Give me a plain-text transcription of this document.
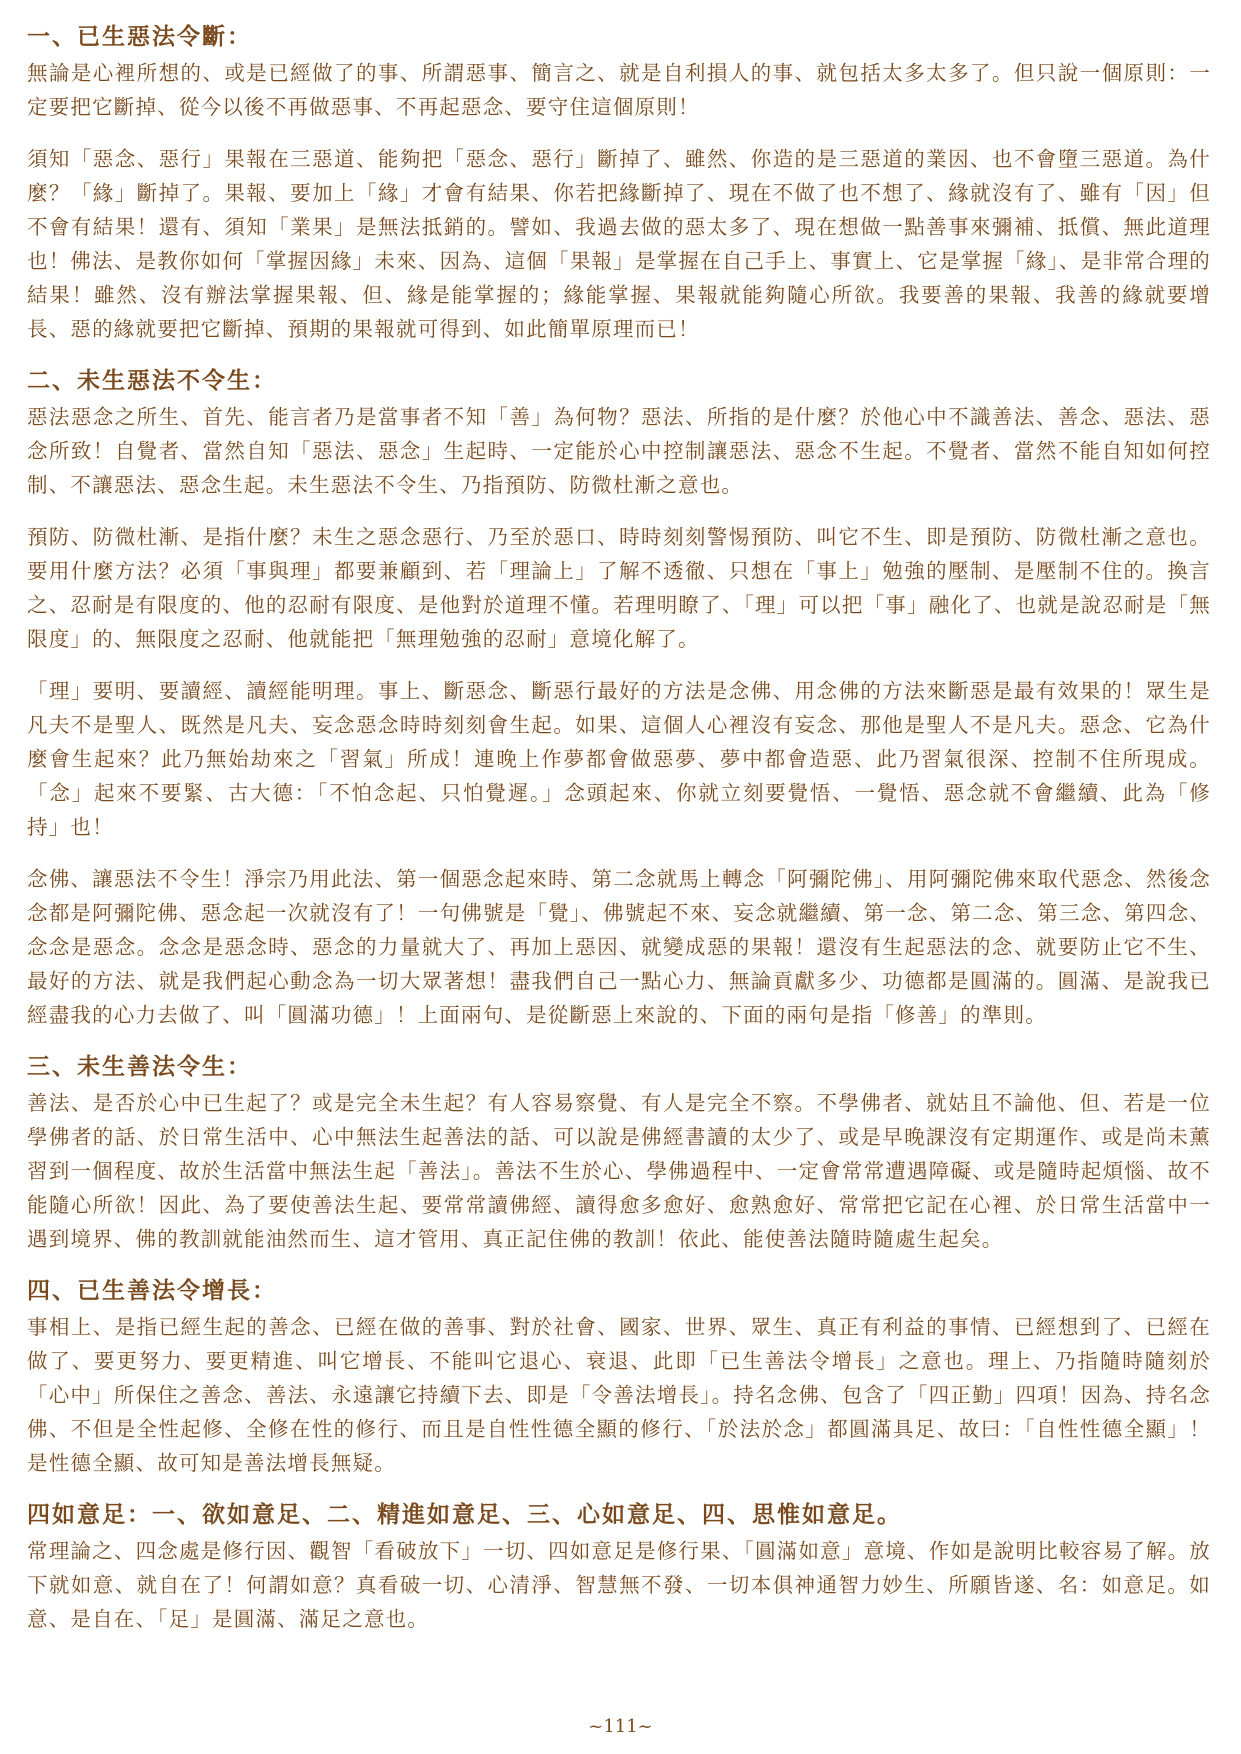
一、已生惡法令斷：

無論是心裡所想的、或是已經做了的事、所謂惡事、簡言之、就是自利損人的事、就包括太多太多了。但只說一個原則：一定要把它斷掉、從今以後不再做惡事、不再起惡念、要守住這個原則！

須知「惡念、惡行」果報在三惡道、能夠把「惡念、惡行」斷掉了、雖然、你造的是三惡道的業因、也不會墮三惡道。為什麼？「緣」斷掉了。果報、要加上「緣」才會有結果、你若把緣斷掉了、現在不做了也不想了、緣就沒有了、雖有「因」但不會有結果！還有、須知「業果」是無法抵銷的。譬如、我過去做的惡太多了、現在想做一點善事來彌補、抵償、無此道理也！佛法、是教你如何「掌握因緣」未來、因為、這個「果報」是掌握在自己手上、事實上、它是掌握「緣」、是非常合理的結果！雖然、沒有辦法掌握果報、但、緣是能掌握的；緣能掌握、果報就能夠隨心所欲。我要善的果報、我善的緣就要增長、惡的緣就要把它斷掉、預期的果報就可得到、如此簡單原理而已！

二、未生惡法不令生：

惡法惡念之所生、首先、能言者乃是當事者不知「善」為何物？惡法、所指的是什麼？於他心中不識善法、善念、惡法、惡念所致！自覺者、當然自知「惡法、惡念」生起時、一定能於心中控制讓惡法、惡念不生起。不覺者、當然不能自知如何控制、不讓惡法、惡念生起。未生惡法不令生、乃指預防、防微杜漸之意也。

預防、防微杜漸、是指什麼？未生之惡念惡行、乃至於惡口、時時刻刻警惕預防、叫它不生、即是預防、防微杜漸之意也。要用什麼方法？必須「事與理」都要兼顧到、若「理論上」了解不透徹、只想在「事上」勉強的壓制、是壓制不住的。換言之、忍耐是有限度的、他的忍耐有限度、是他對於道理不懂。若理明瞭了、「理」可以把「事」融化了、也就是說忍耐是「無限度」的、無限度之忍耐、他就能把「無理勉強的忍耐」意境化解了。

「理」要明、要讀經、讀經能明理。事上、斷惡念、斷惡行最好的方法是念佛、用念佛的方法來斷惡是最有效果的！眾生是凡夫不是聖人、既然是凡夫、妄念惡念時時刻刻會生起。如果、這個人心裡沒有妄念、那他是聖人不是凡夫。惡念、它為什麼會生起來？此乃無始劫來之「習氣」所成！連晚上作夢都會做惡夢、夢中都會造惡、此乃習氣很深、控制不住所現成。「念」起來不要緊、古大德：「不怕念起、只怕覺遲。」念頭起來、你就立刻要覺悟、一覺悟、惡念就不會繼續、此為「修持」也！

念佛、讓惡法不令生！淨宗乃用此法、第一個惡念起來時、第二念就馬上轉念「阿彌陀佛」、用阿彌陀佛來取代惡念、然後念念都是阿彌陀佛、惡念起一次就沒有了！一句佛號是「覺」、佛號起不來、妄念就繼續、第一念、第二念、第三念、第四念、念念是惡念。念念是惡念時、惡念的力量就大了、再加上惡因、就變成惡的果報！還沒有生起惡法的念、就要防止它不生、最好的方法、就是我們起心動念為一切大眾著想！盡我們自己一點心力、無論貢獻多少、功德都是圓滿的。圓滿、是說我已經盡我的心力去做了、叫「圓滿功德」！上面兩句、是從斷惡上來說的、下面的兩句是指「修善」的準則。

三、未生善法令生：

善法、是否於心中已生起了？或是完全未生起？有人容易察覺、有人是完全不察。不學佛者、就姑且不論他、但、若是一位學佛者的話、於日常生活中、心中無法生起善法的話、可以說是佛經書讀的太少了、或是早晚課沒有定期運作、或是尚未薰習到一個程度、故於生活當中無法生起「善法」。善法不生於心、學佛過程中、一定會常常遭遇障礙、或是隨時起煩惱、故不能隨心所欲！因此、為了要使善法生起、要常常讀佛經、讀得愈多愈好、愈熟愈好、常常把它記在心裡、於日常生活當中一遇到境界、佛的教訓就能油然而生、這才管用、真正記住佛的教訓！依此、能使善法隨時隨處生起矣。

四、已生善法令增長：

事相上、是指已經生起的善念、已經在做的善事、對於社會、國家、世界、眾生、真正有利益的事情、已經想到了、已經在做了、要更努力、要更精進、叫它增長、不能叫它退心、衰退、此即「已生善法令增長」之意也。理上、乃指隨時隨刻於「心中」所保住之善念、善法、永遠讓它持續下去、即是「令善法增長」。持名念佛、包含了「四正勤」四項！因為、持名念佛、不但是全性起修、全修在性的修行、而且是自性性德全顯的修行、「於法於念」都圓滿具足、故曰：「自性性德全顯」！是性德全顯、故可知是善法增長無疑。

四如意足：一、欲如意足、二、精進如意足、三、心如意足、四、思惟如意足。

常理論之、四念處是修行因、觀智「看破放下」一切、四如意足是修行果、「圓滿如意」意境、作如是說明比較容易了解。放下就如意、就自在了！何謂如意？真看破一切、心清淨、智慧無不發、一切本俱神通智力妙生、所願皆遂、名：如意足。如意、是自在、「足」是圓滿、滿足之意也。

~111~
